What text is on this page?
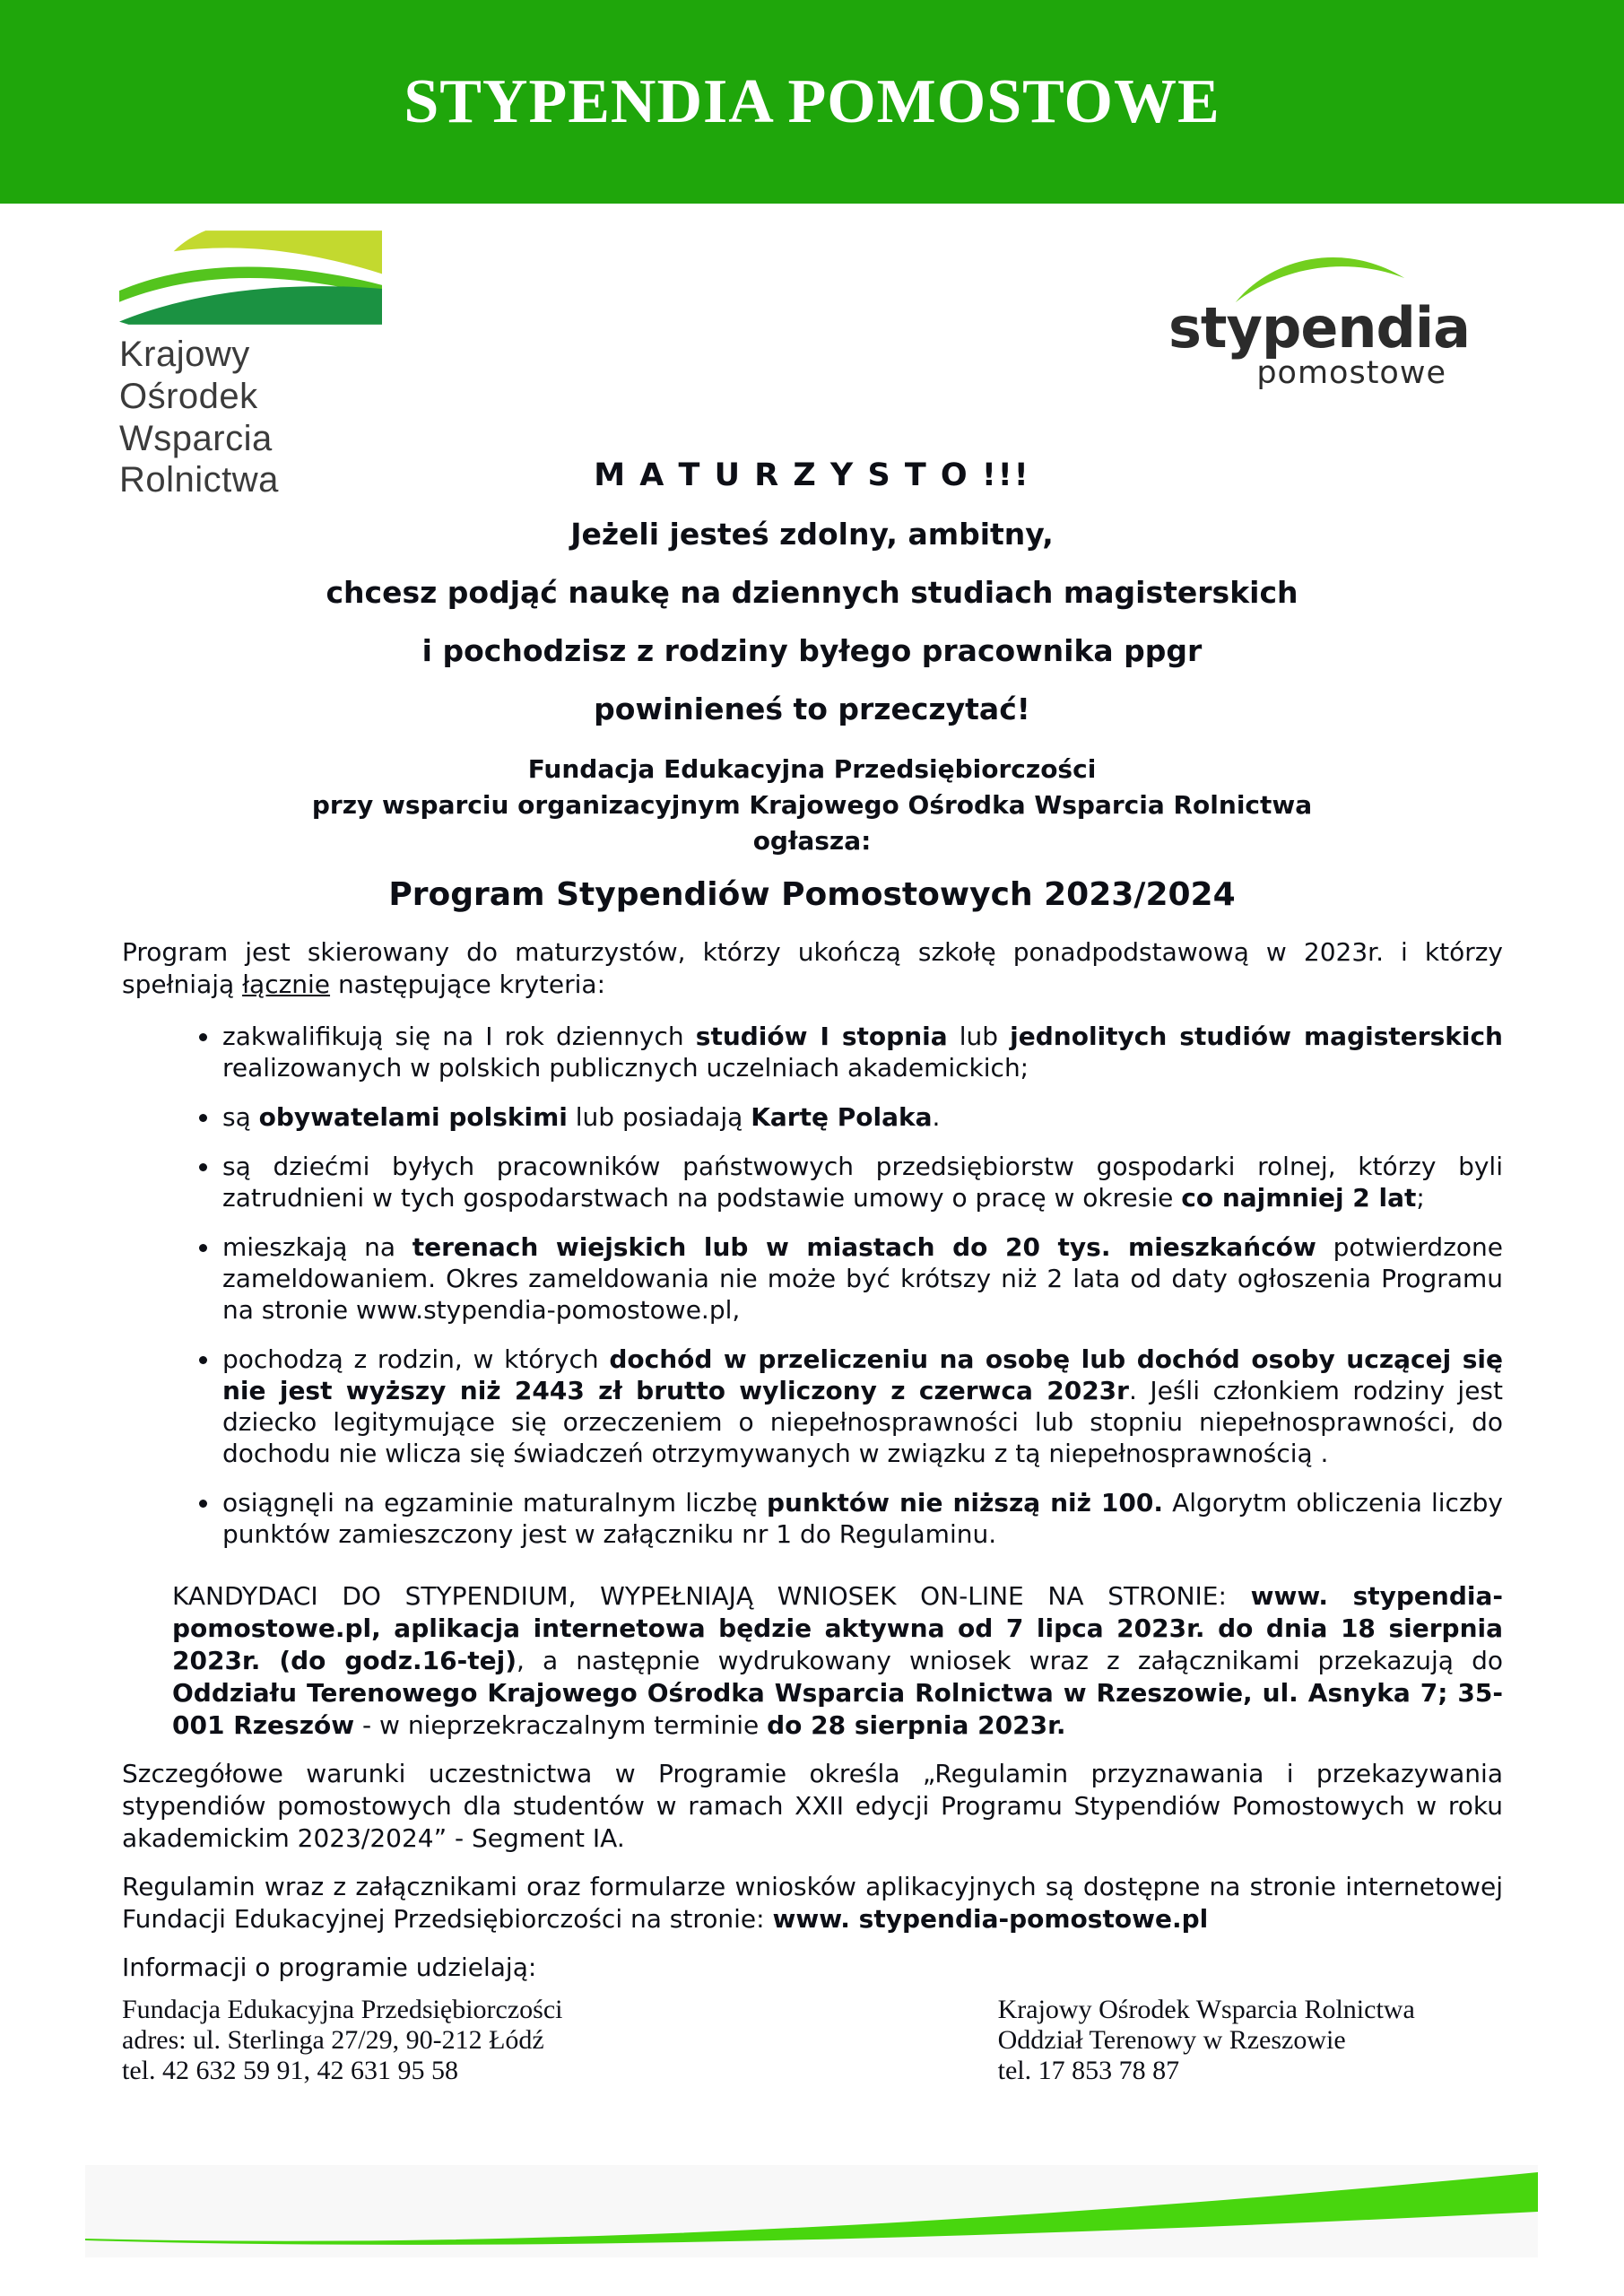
STYPENDIA POMOSTOWE
Krajowy Ośrodek
Wsparcia Rolnictwa
stypendia
pomostowe

M A T U R Z Y S T O !!!

Jeżeli jesteś zdolny, ambitny,

chcesz podjąć naukę na dziennych studiach magisterskich

i pochodzisz z rodziny byłego pracownika ppgr

powinieneś to przeczytać!

Fundacja Edukacyjna Przedsiębiorczości

przy wsparciu organizacyjnym Krajowego Ośrodka Wsparcia Rolnictwa

ogłasza:

Program Stypendiów Pomostowych 2023/2024

Program jest skierowany do maturzystów, którzy ukończą szkołę ponadpodstawową w 2023r. i którzy spełniają łącznie następujące kryteria:

• zakwalifikują się na I rok dziennych studiów I stopnia lub jednolitych studiów magisterskich realizowanych w polskich publicznych uczelniach akademickich;
• są obywatelami polskimi lub posiadają Kartę Polaka.
• są dziećmi byłych pracowników państwowych przedsiębiorstw gospodarki rolnej, którzy byli zatrudnieni w tych gospodarstwach na podstawie umowy o pracę w okresie co najmniej 2 lat;
• mieszkają na terenach wiejskich lub w miastach do 20 tys. mieszkańców potwierdzone zameldowaniem. Okres zameldowania nie może być krótszy niż 2 lata od daty ogłoszenia Programu na stronie www.stypendia-pomostowe.pl,
• pochodzą z rodzin, w których dochód w przeliczeniu na osobę lub dochód osoby uczącej się nie jest wyższy niż 2443 zł brutto wyliczony z czerwca 2023r. Jeśli członkiem rodziny jest dziecko legitymujące się orzeczeniem o niepełnosprawności lub stopniu niepełnosprawności, do dochodu nie wlicza się świadczeń otrzymywanych w związku z tą niepełnosprawnością .
• osiągnęli na egzaminie maturalnym liczbę punktów nie niższą niż 100. Algorytm obliczenia liczby punktów zamieszczony jest w załączniku nr 1 do Regulaminu.

KANDYDACI DO STYPENDIUM, WYPEŁNIAJĄ WNIOSEK ON-LINE NA STRONIE: www. stypendia-pomostowe.pl, aplikacja internetowa będzie aktywna od 7 lipca 2023r. do dnia 18 sierpnia 2023r. (do godz.16-tej), a następnie wydrukowany wniosek wraz z załącznikami przekazują do Oddziału Terenowego Krajowego Ośrodka Wsparcia Rolnictwa w Rzeszowie, ul. Asnyka 7; 35-001 Rzeszów - w nieprzekraczalnym terminie do 28 sierpnia 2023r.

Szczegółowe warunki uczestnictwa w Programie określa „Regulamin przyznawania i przekazywania stypendiów pomostowych dla studentów w ramach XXII edycji Programu Stypendiów Pomostowych w roku akademickim 2023/2024” - Segment IA.

Regulamin wraz z załącznikami oraz formularze wniosków aplikacyjnych są dostępne na stronie internetowej Fundacji Edukacyjnej Przedsiębiorczości na stronie: www. stypendia-pomostowe.pl

Informacji o programie udzielają:

Fundacja Edukacyjna Przedsiębiorczości
adres: ul. Sterlinga 27/29, 90-212 Łódź
tel. 42 632 59 91, 42 631 95 58
Krajowy Ośrodek Wsparcia Rolnictwa
Oddział Terenowy w Rzeszowie
tel. 17 853 78 87
